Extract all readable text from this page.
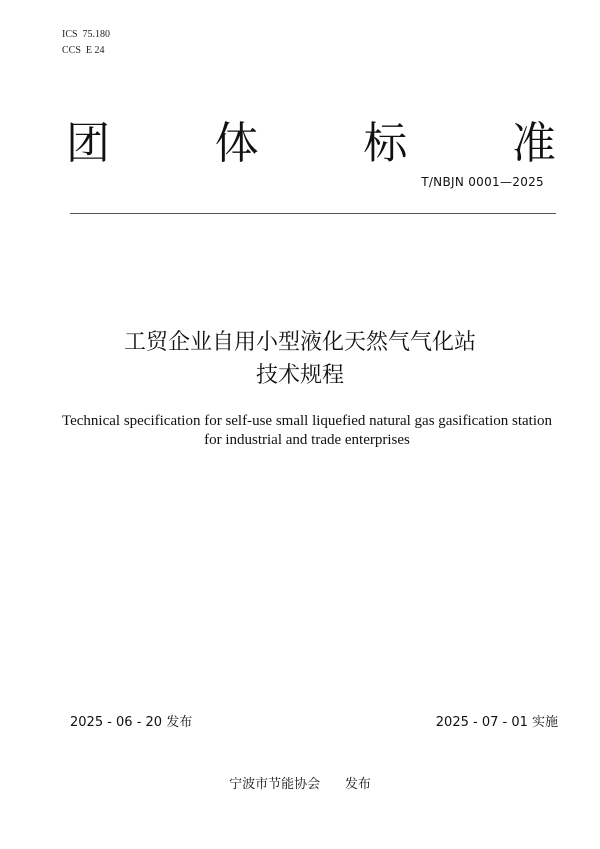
ICS  75.180
CCS  E 24
团 体 标 准
T/NBJN 0001—2025
工贸企业自用小型液化天然气气化站
技术规程
Technical specification for self-use small liquefied natural gas gasification station for industrial and trade enterprises
2025 - 06 - 20 发布	2025 - 07 - 01 实施
宁波市节能协会      发布
